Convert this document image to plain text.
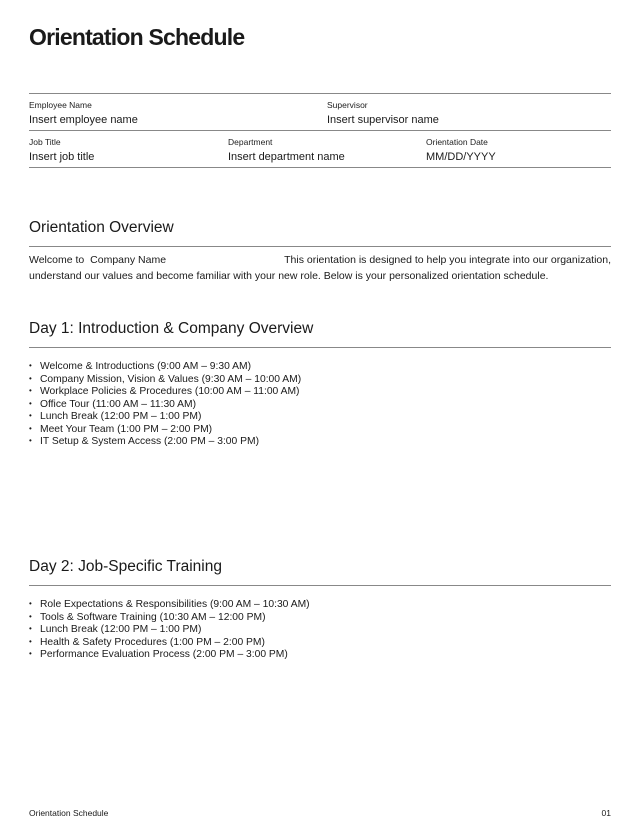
Orientation Schedule
Employee Name
Insert employee name
Supervisor
Insert supervisor name
Job Title
Insert job title
Department
Insert department name
Orientation Date
MM/DD/YYYY
Orientation Overview
Welcome to Company Name	This orientation is designed to help you integrate into our organization,
understand our values and become familiar with your new role. Below is your personalized orientation schedule.
Day 1: Introduction & Company Overview
• Welcome & Introductions (9:00 AM – 9:30 AM)
• Company Mission, Vision & Values (9:30 AM – 10:00 AM)
• Workplace Policies & Procedures (10:00 AM – 11:00 AM)
• Office Tour (11:00 AM – 11:30 AM)
• Lunch Break (12:00 PM – 1:00 PM)
• Meet Your Team (1:00 PM – 2:00 PM)
• IT Setup & System Access (2:00 PM – 3:00 PM)
Day 2: Job-Specific Training
• Role Expectations & Responsibilities (9:00 AM – 10:30 AM)
• Tools & Software Training (10:30 AM – 12:00 PM)
• Lunch Break (12:00 PM – 1:00 PM)
• Health & Safety Procedures (1:00 PM – 2:00 PM)
• Performance Evaluation Process (2:00 PM – 3:00 PM)
Orientation Schedule	01
